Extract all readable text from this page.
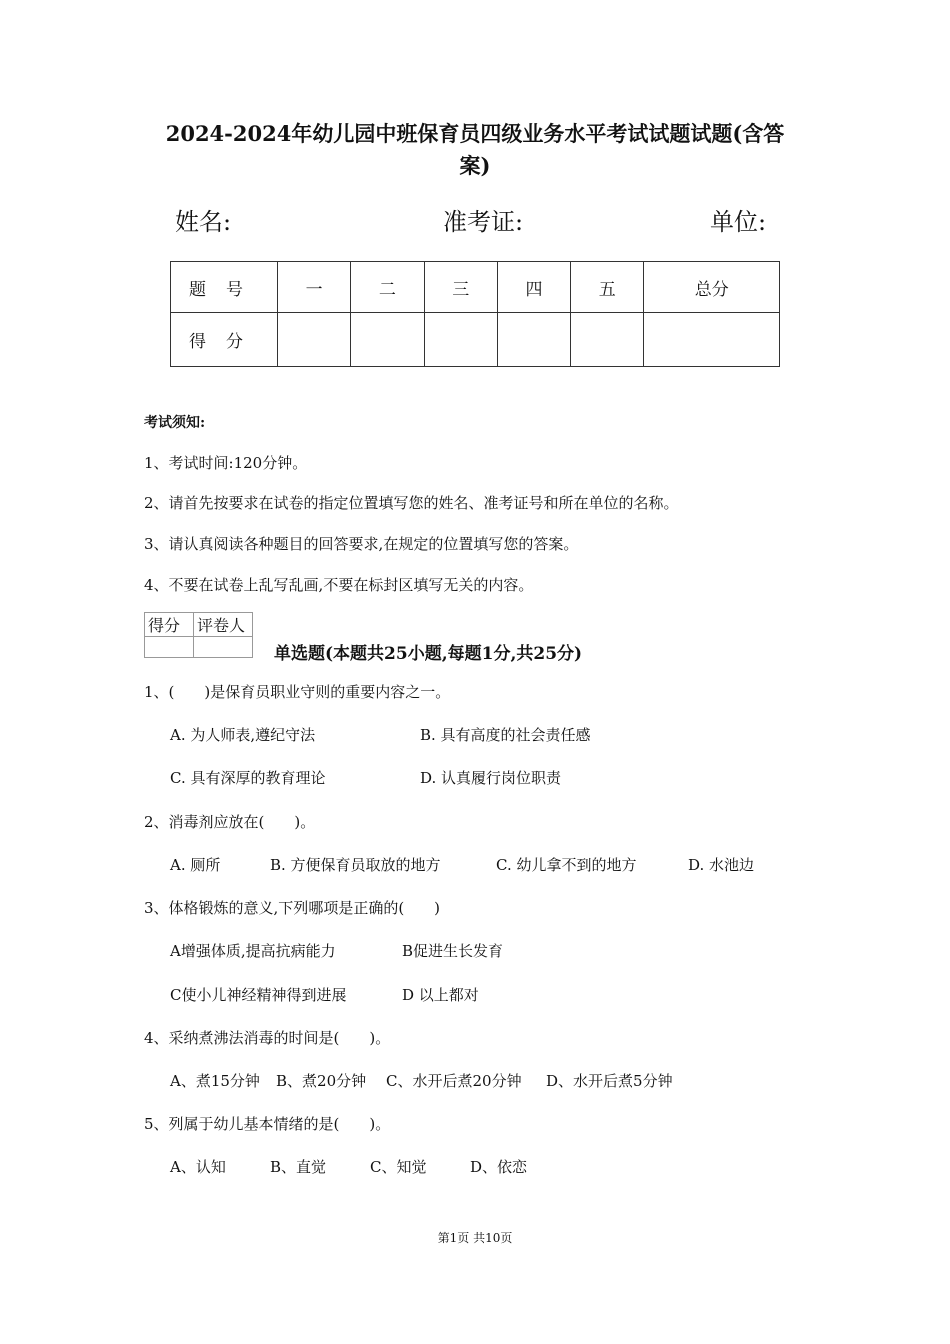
2024-2024年幼儿园中班保育员四级业务水平考试试题试题(含答
案)
姓名:	准考证:	单位:
题号	一	二	三	四	五	总分
得分						
考试须知:
1、考试时间:120分钟。
2、请首先按要求在试卷的指定位置填写您的姓名、准考证号和所在单位的名称。
3、请认真阅读各种题目的回答要求,在规定的位置填写您的答案。
4、不要在试卷上乱写乱画,不要在标封区填写无关的内容。
得分	评卷人

单选题(本题共25小题,每题1分,共25分)
1、(　　)是保育员职业守则的重要内容之一。
A. 为人师表,遵纪守法	B. 具有高度的社会责任感
C. 具有深厚的教育理论	D. 认真履行岗位职责
2、消毒剂应放在(　　)。
A. 厕所	B. 方便保育员取放的地方	C. 幼儿拿不到的地方	D. 水池边
3、体格锻炼的意义,下列哪项是正确的(　　)
A增强体质,提高抗病能力	B促进生长发育
C使小儿神经精神得到进展	D 以上都对
4、采纳煮沸法消毒的时间是(　　)。
A、煮15分钟 B、煮20分钟 C、水开后煮20分钟 D、水开后煮5分钟
5、列属于幼儿基本情绪的是(　　)。
A、认知	B、直觉	C、知觉	D、依恋
第1页 共10页
